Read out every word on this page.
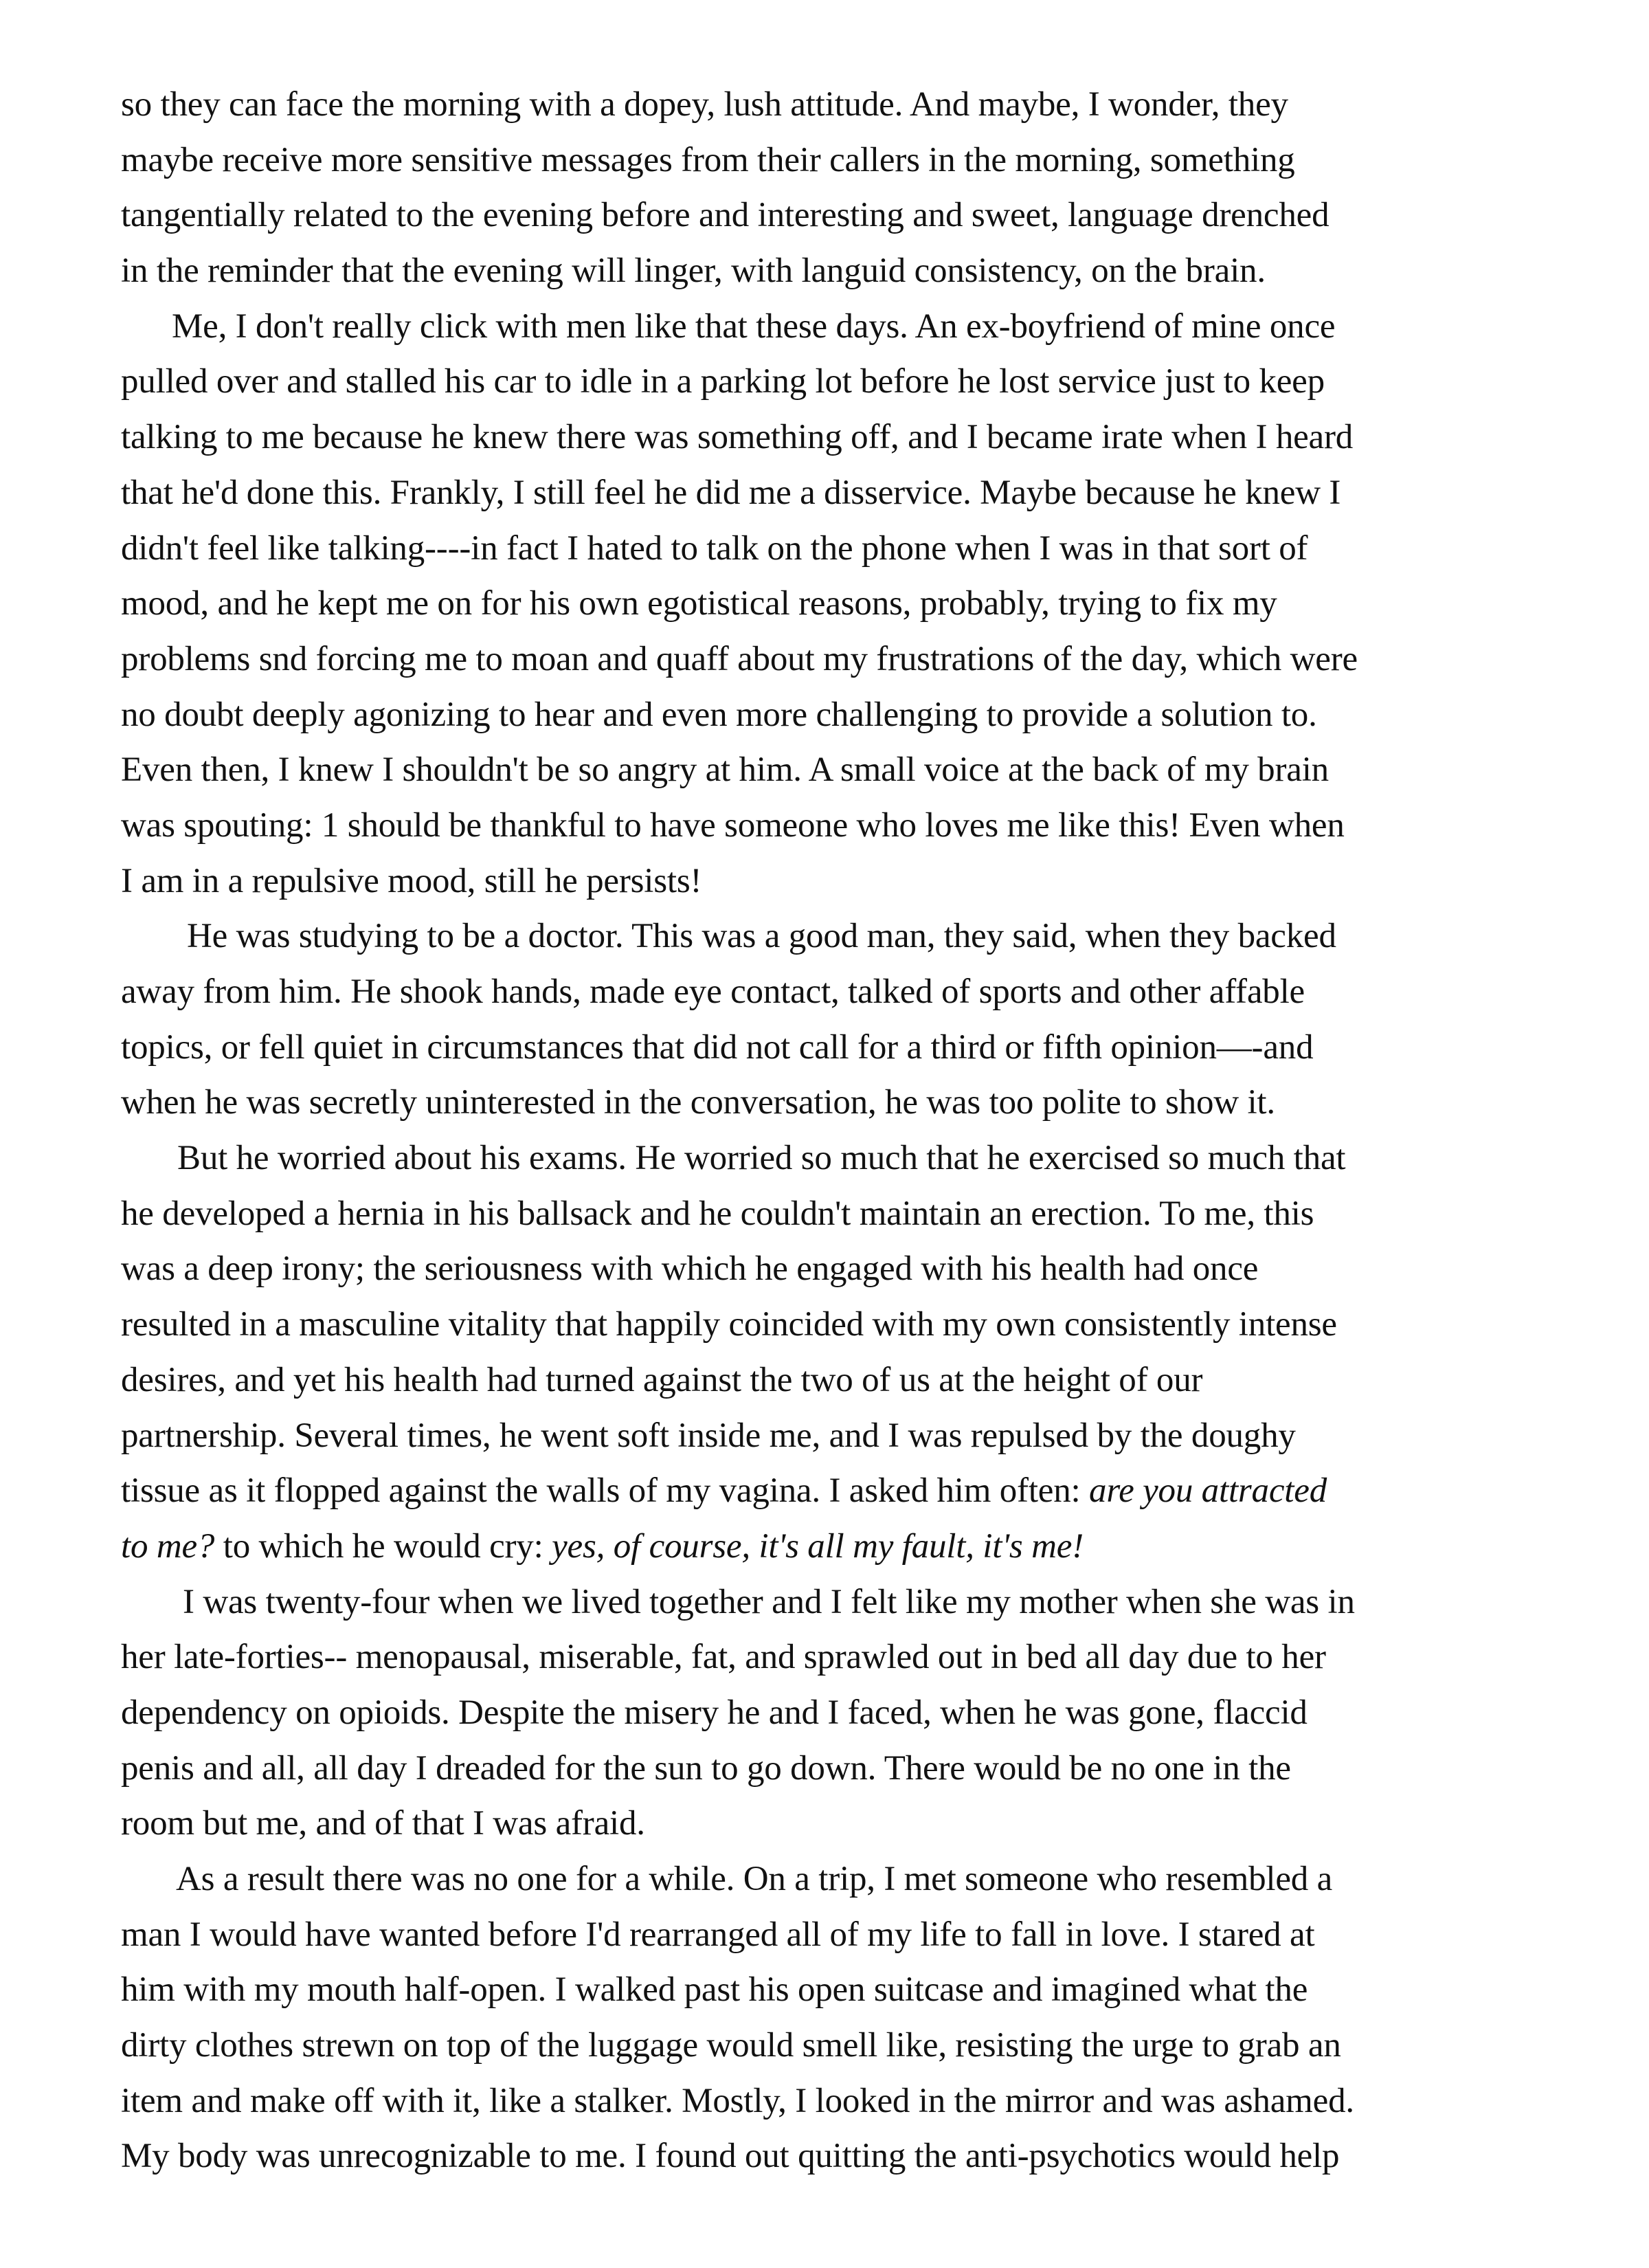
so they can face the morning with a dopey, lush attitude. And maybe, I wonder, they
maybe receive more sensitive messages from their callers in the morning, something
tangentially related to the evening before and interesting and sweet, language drenched
in the reminder that the evening will linger, with languid consistency, on the brain.
Me, I don't really click with men like that these days. An ex-boyfriend of mine once
pulled over and stalled his car to idle in a parking lot before he lost service just to keep
talking to me because he knew there was something off, and I became irate when I heard
that he'd done this. Frankly, I still feel he did me a disservice. Maybe because he knew I
didn't feel like talking----in fact I hated to talk on the phone when I was in that sort of
mood, and he kept me on for his own egotistical reasons, probably, trying to fix my
problems snd forcing me to moan and quaff about my frustrations of the day, which were
no doubt deeply agonizing to hear and even more challenging to provide a solution to.
Even then, I knew I shouldn't be so angry at him. A small voice at the back of my brain
was spouting: 1 should be thankful to have someone who loves me like this! Even when
I am in a repulsive mood, still he persists!
He was studying to be a doctor. This was a good man, they said, when they backed
away from him. He shook hands, made eye contact, talked of sports and other affable
topics, or fell quiet in circumstances that did not call for a third or fifth opinion—-and
when he was secretly uninterested in the conversation, he was too polite to show it.
But he worried about his exams. He worried so much that he exercised so much that
he developed a hernia in his ballsack and he couldn't maintain an erection. To me, this
was a deep irony; the seriousness with which he engaged with his health had once
resulted in a masculine vitality that happily coincided with my own consistently intense
desires, and yet his health had turned against the two of us at the height of our
partnership. Several times, he went soft inside me, and I was repulsed by the doughy
tissue as it flopped against the walls of my vagina. I asked him often: are you attracted
to me? to which he would cry: yes, of course, it's all my fault, it's me!
I was twenty-four when we lived together and I felt like my mother when she was in
her late-forties-- menopausal, miserable, fat, and sprawled out in bed all day due to her
dependency on opioids. Despite the misery he and I faced, when he was gone, flaccid
penis and all, all day I dreaded for the sun to go down. There would be no one in the
room but me, and of that I was afraid.
As a result there was no one for a while. On a trip, I met someone who resembled a
man I would have wanted before I'd rearranged all of my life to fall in love. I stared at
him with my mouth half-open. I walked past his open suitcase and imagined what the
dirty clothes strewn on top of the luggage would smell like, resisting the urge to grab an
item and make off with it, like a stalker. Mostly, I looked in the mirror and was ashamed.
My body was unrecognizable to me. I found out quitting the anti-psychotics would help
